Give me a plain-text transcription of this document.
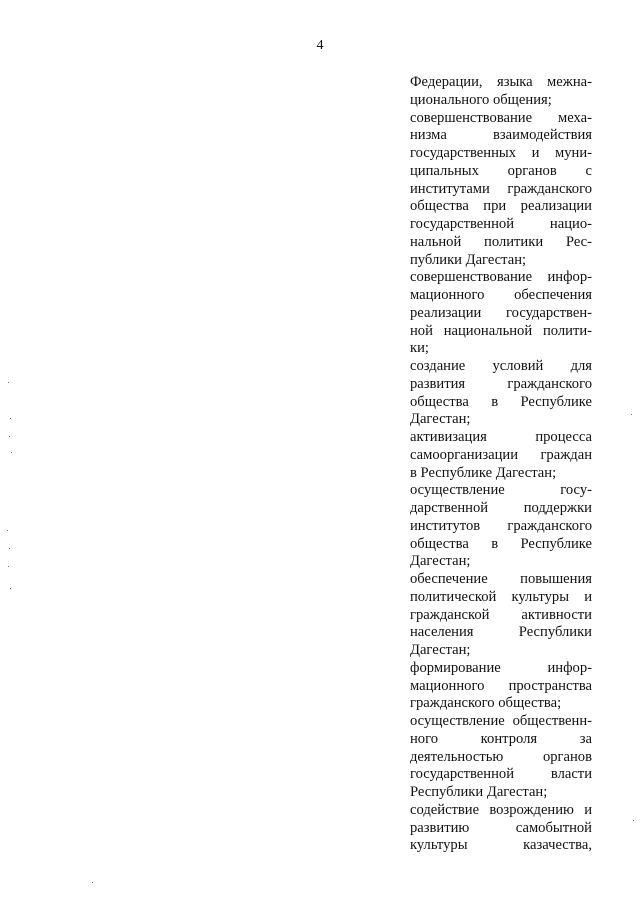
4
Федерации, языка межна-
ционального общения;
совершенствование меха-
низма взаимодействия
государственных и муни-
ципальных органов с
институтами гражданского
общества при реализации
государственной нацио-
нальной политики Рес-
публики Дагестан;
совершенствование инфор-
мационного обеспечения
реализации государствен-
ной национальной полити-
ки;
создание условий для
развития гражданского
общества в Республике
Дагестан;
активизация процесса
самоорганизации граждан
в Республике Дагестан;
осуществление госу-
дарственной поддержки
институтов гражданского
общества в Республике
Дагестан;
обеспечение повышения
политической культуры и
гражданской активности
населения Республики
Дагестан;
формирование инфор-
мационного пространства
гражданского общества;
осуществление общественн-
ного контроля за
деятельностью органов
государственной власти
Республики Дагестан;
содействие возрождению и
развитию самобытной
культуры казачества,
